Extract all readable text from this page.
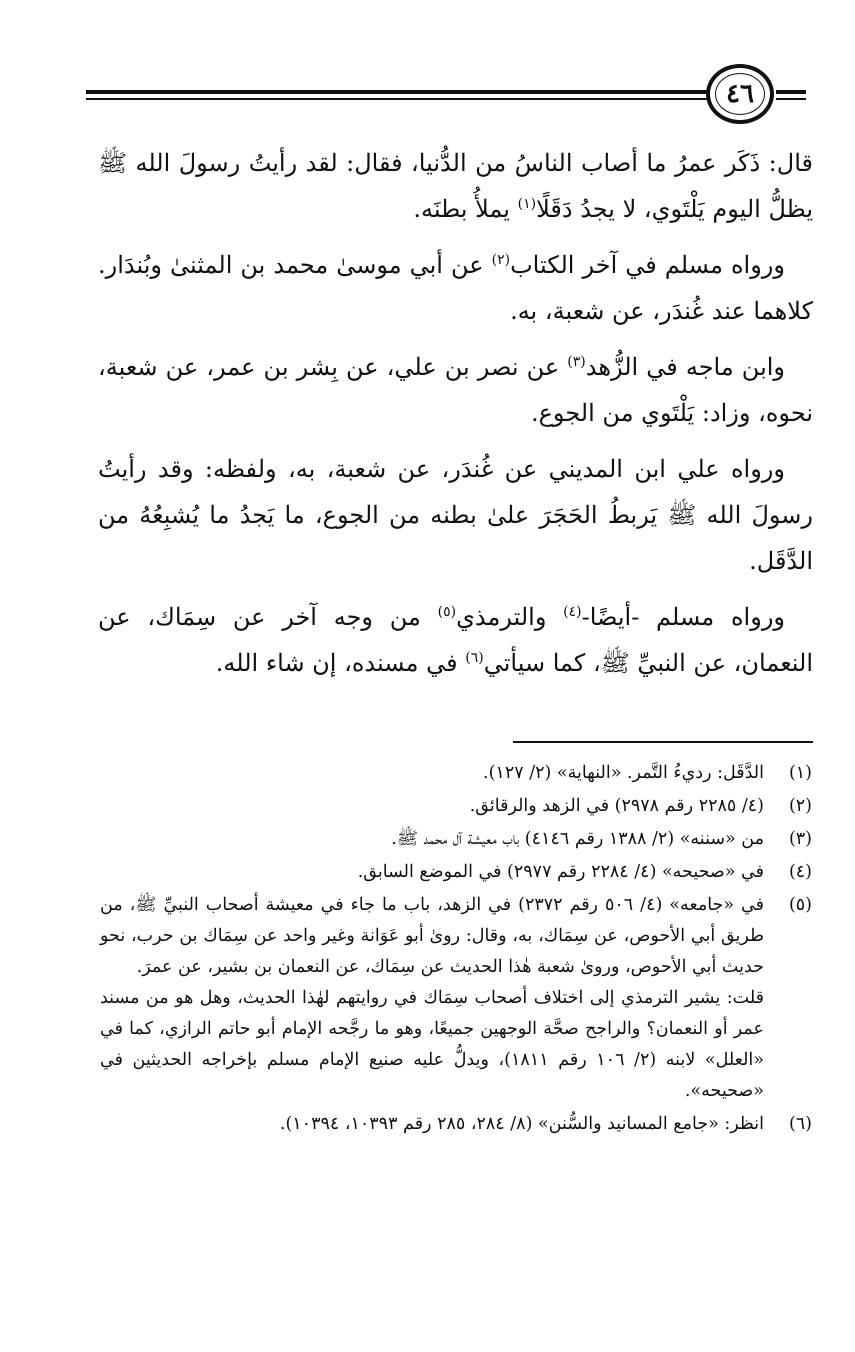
٤٦

قال: ذَكَر عمرُ ما أصاب الناسُ من الدُّنيا، فقال: لقد رأيتُ رسولَ الله ﷺ يظلُّ اليوم يَلْتَوي، لا يجدُ دَقَلًا$^{(١)}$ يملأُ بطنَه.

ورواه مسلم في آخر الكتاب$^{(٢)}$ عن أبي موسىٰ محمد بن المثنىٰ وبُندَار. كلاهما عند غُندَر، عن شعبة، به.

وابن ماجه في الزُّهد$^{(٣)}$ عن نصر بن علي، عن بِشر بن عمر، عن شعبة، نحوه، وزاد: يَلْتَوي من الجوع.

ورواه علي ابن المديني عن غُندَر، عن شعبة، به، ولفظه: وقد رأيتُ رسولَ الله ﷺ يَربطُ الحَجَرَ علىٰ بطنه من الجوع، ما يَجدُ ما يُشبِعُهُ من الدَّقَل.

ورواه مسلم -أيضًا-$^{(٤)}$ والترمذي$^{(٥)}$ من وجه آخر عن سِمَاك، عن النعمان، عن النبيِّ ﷺ، كما سيأتي$^{(٦)}$ في مسنده، إن شاء الله.

(١)

الدَّقَل: رديءُ التَّمر. «النهاية» (٢/ ١٢٧).

(٢)

(٤/ ٢٢٨٥ رقم ٢٩٧٨) في الزهد والرقائق.

(٣)

من «سننه» (٢/ ١٣٨٨ رقم ٤١٤٦) باب معيشة آل محمد ﷺ.

(٤)

في «صحيحه» (٤/ ٢٢٨٤ رقم ٢٩٧٧) في الموضع السابق.

(٥)

في «جامعه» (٤/ ٥٠٦ رقم ٢٣٧٢) في الزهد، باب ما جاء في معيشة أصحاب النبيِّ ﷺ، من طريق أبي الأحوص، عن سِمَاك، به، وقال: روىٰ أبو عَوَانة وغير واحد عن سِمَاك بن حرب، نحو حديث أبي الأحوص، وروىٰ شعبة هٰذا الحديث عن سِمَاك، عن النعمان بن بشير، عن عمرَ.

قلت: يشير الترمذي إلى اختلاف أصحاب سِمَاك في روايتهم لهٰذا الحديث، وهل هو من مسند عمر أو النعمان؟ والراجح صحَّة الوجهين جميعًا، وهو ما رجَّحه الإمام أبو حاتم الرازي، كما في «العلل» لابنه (٢/ ١٠٦ رقم ١٨١١)، ويدلُّ عليه صنيع الإمام مسلم بإخراجه الحديثين في «صحيحه».

(٦)

انظر: «جامع المسانيد والسُّنن» (٨/ ٢٨٤، ٢٨٥ رقم ١٠٣٩٣، ١٠٣٩٤).
